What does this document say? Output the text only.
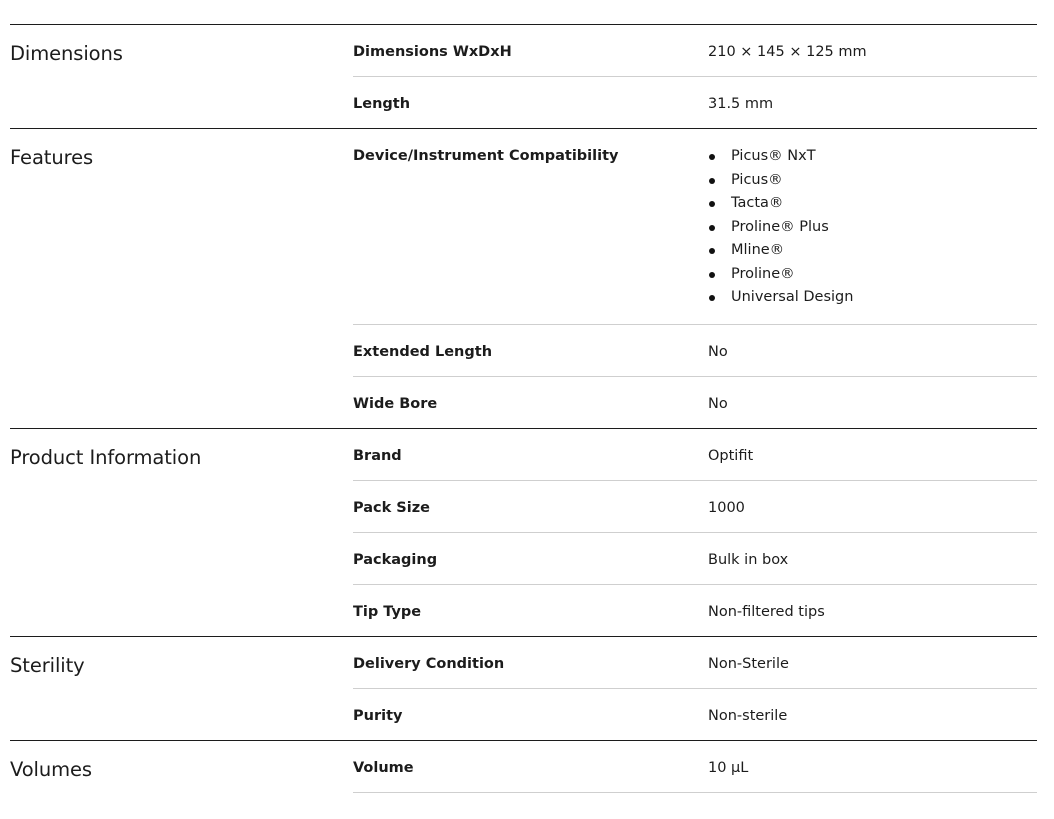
Dimensions	Dimensions WxDxH	210 × 145 × 125 mm
Length	31.5 mm
Features	Device/Instrument Compatibility	Picus® NxT
Picus®
Tacta®
Proline® Plus
Mline®
Proline®
Universal Design
Extended Length	No
Wide Bore	No
Product Information	Brand	Optifit
Pack Size	1000
Packaging	Bulk in box
Tip Type	Non-filtered tips
Sterility	Delivery Condition	Non-Sterile
Purity	Non-sterile
Volumes	Volume	10 µL
